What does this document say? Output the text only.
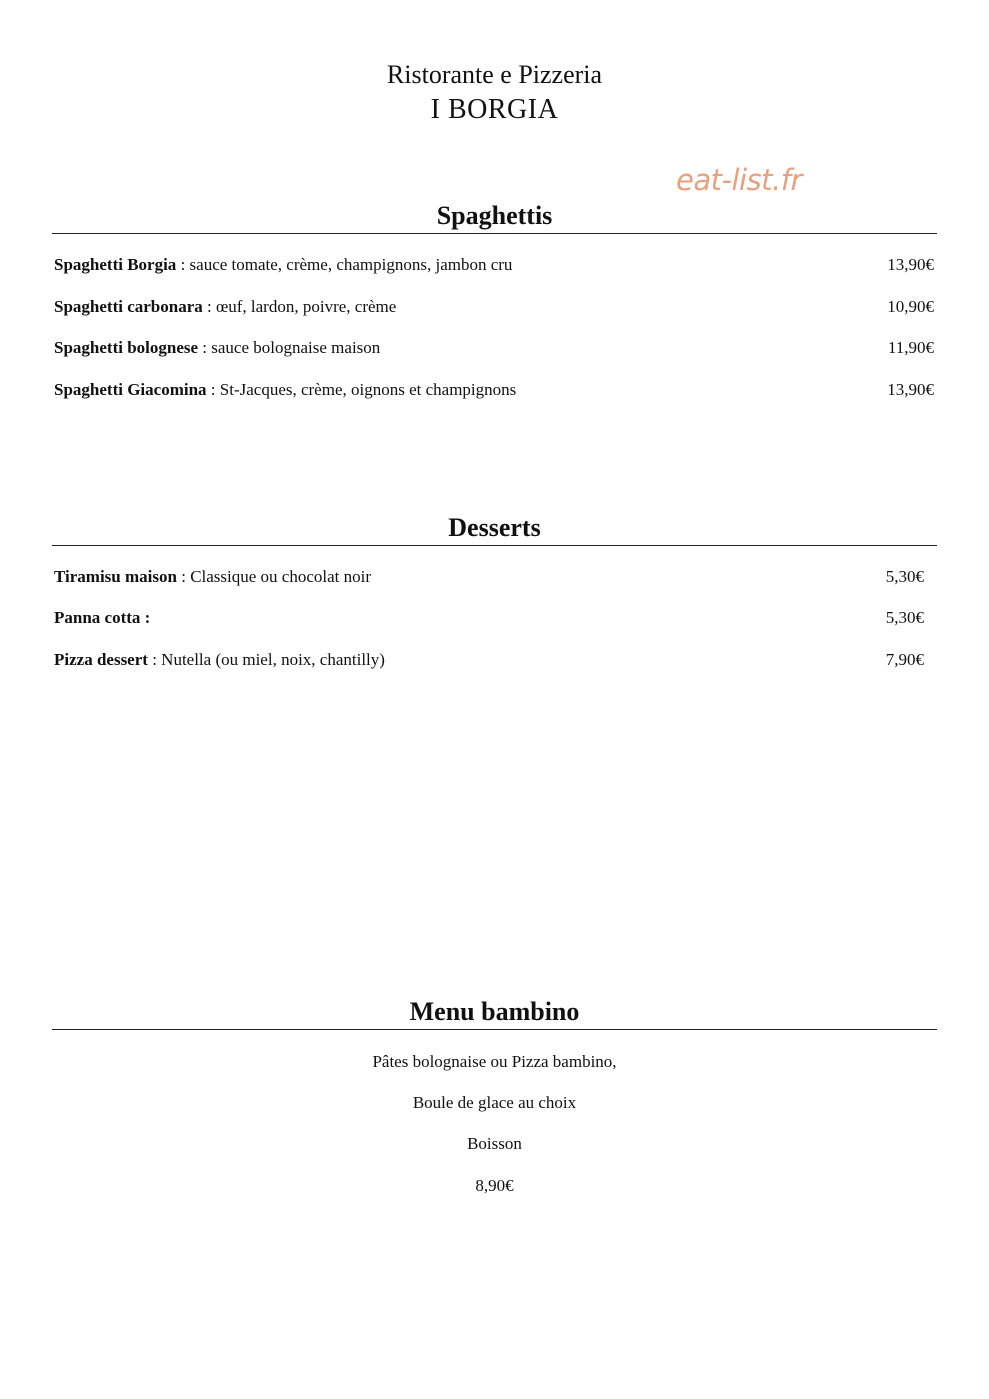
Ristorante e Pizzeria
I BORGIA
eat-list.fr
Spaghettis
Spaghetti Borgia : sauce tomate, crème, champignons, jambon cru	13,90€
Spaghetti carbonara : œuf, lardon, poivre, crème	10,90€
Spaghetti bolognese : sauce bolognaise maison	11,90€
Spaghetti Giacomina : St-Jacques, crème, oignons et champignons	13,90€
Desserts
Tiramisu maison : Classique ou chocolat noir	5,30€
Panna cotta :	5,30€
Pizza dessert : Nutella (ou miel, noix, chantilly)	7,90€
Menu bambino
Pâtes bolognaise ou Pizza bambino,
Boule de glace au choix
Boisson
8,90€
